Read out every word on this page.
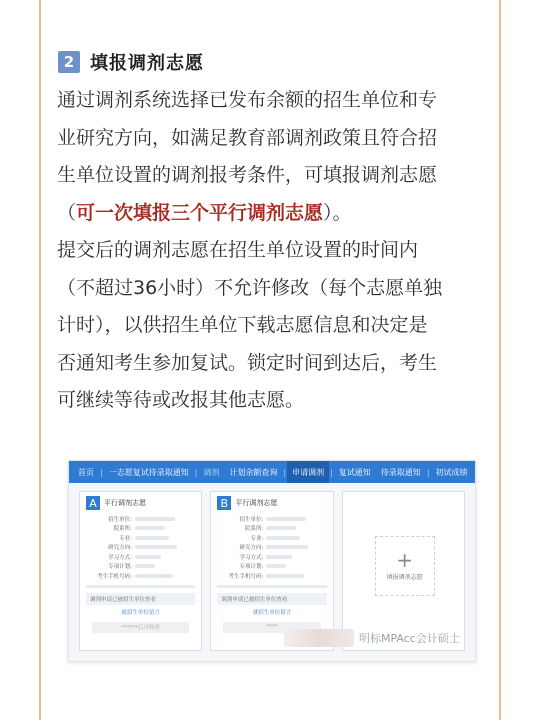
2 填报调剂志愿

通过调剂系统选择已发布余额的招生单位和专
业研究方向，如满足教育部调剂政策且符合招
生单位设置的调剂报考条件，可填报调剂志愿
（可一次填报三个平行调剂志愿）。

提交后的调剂志愿在招生单位设置的时间内
（不超过36小时）不允许修改（每个志愿单独
计时），以供招生单位下载志愿信息和决定是
否通知考生参加复试。锁定时间到达后，考生
可继续等待或改报其他志愿。

首页 | 一志愿复试待录取通知 | 调剂	计划余额查询 | 申请调剂 | 复试通知	待录取通知 | 初试成绩
A	平行调剂志愿
招生单位:
院系所:
专业:
研究方向:
学习方式:
专项计划:
考生手机号码:
调剂申请已被招生单位查看
就招生单位留言
******后可修改
B	平行调剂志愿
招生单位:
院系所:
专业:
研究方向:
学习方式:
专项计划:
考生手机号码:
调剂申请已被招生单位查看
就招生单位留言
****
+
填报调剂志愿
明标MPAcc会计硕士
